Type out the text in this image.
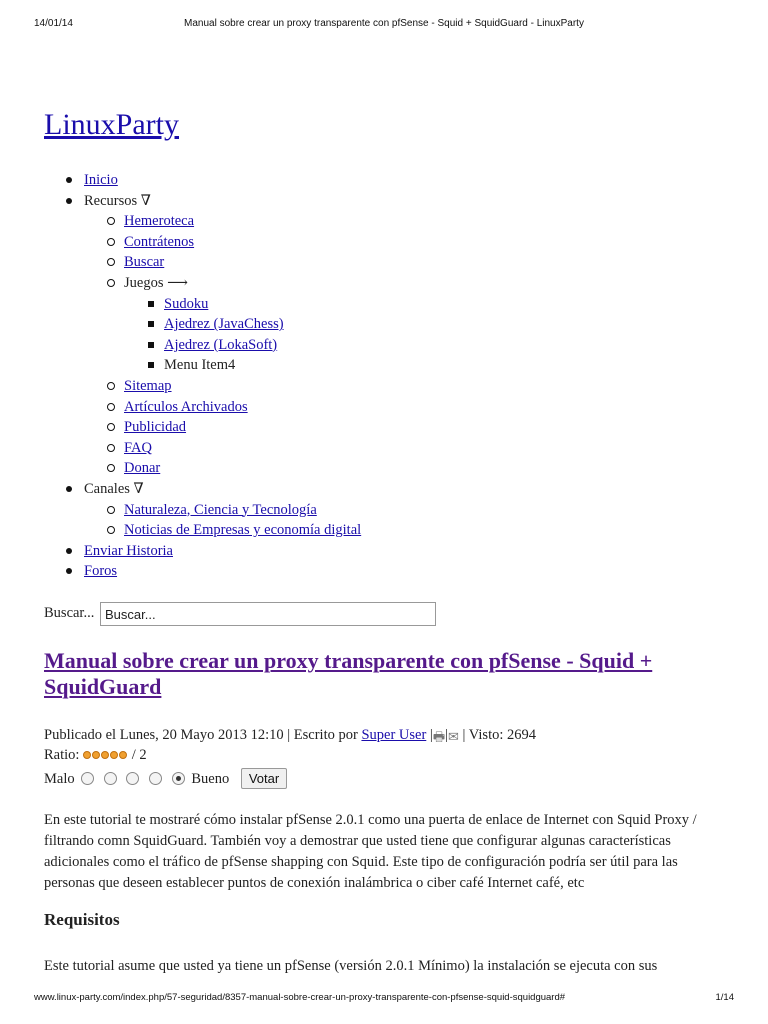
14/01/14	Manual sobre crear un proxy transparente con pfSense - Squid + SquidGuard - LinuxParty
LinuxParty
Inicio
Recursos ∇
Hemeroteca
Contrátenos
Buscar
Juegos ⟶
Sudoku
Ajedrez (JavaChess)
Ajedrez (LokaSoft)
Menu Item4
Sitemap
Artículos Archivados
Publicidad
FAQ
Donar
Canales ∇
Naturaleza, Ciencia y Tecnología
Noticias de Empresas y economía digital
Enviar Historia
Foros
Buscar...
Buscar...
Manual sobre crear un proxy transparente con pfSense - Squid + SquidGuard
Publicado el Lunes, 20 Mayo 2013 12:10 | Escrito por Super User |🖶|✉ | Visto: 2694
Ratio:	/ 2
Malo	Bueno Votar

En este tutorial te mostraré cómo instalar pfSense 2.0.1 como una puerta de enlace de Internet con Squid Proxy / filtrando comn SquidGuard. También voy a demostrar que usted tiene que configurar algunas características adicionales como el tráfico de pfSense shapping con Squid. Este tipo de configuración podría ser útil para las personas que deseen establecer puntos de conexión inalámbrica o ciber café Internet café, etc

Requisitos

Este tutorial asume que usted ya tiene un pfSense (versión 2.0.1 Mínimo) la instalación se ejecuta con sus

www.linux-party.com/index.php/57-seguridad/8357-manual-sobre-crear-un-proxy-transparente-con-pfsense-squid-squidguard#	1/14
